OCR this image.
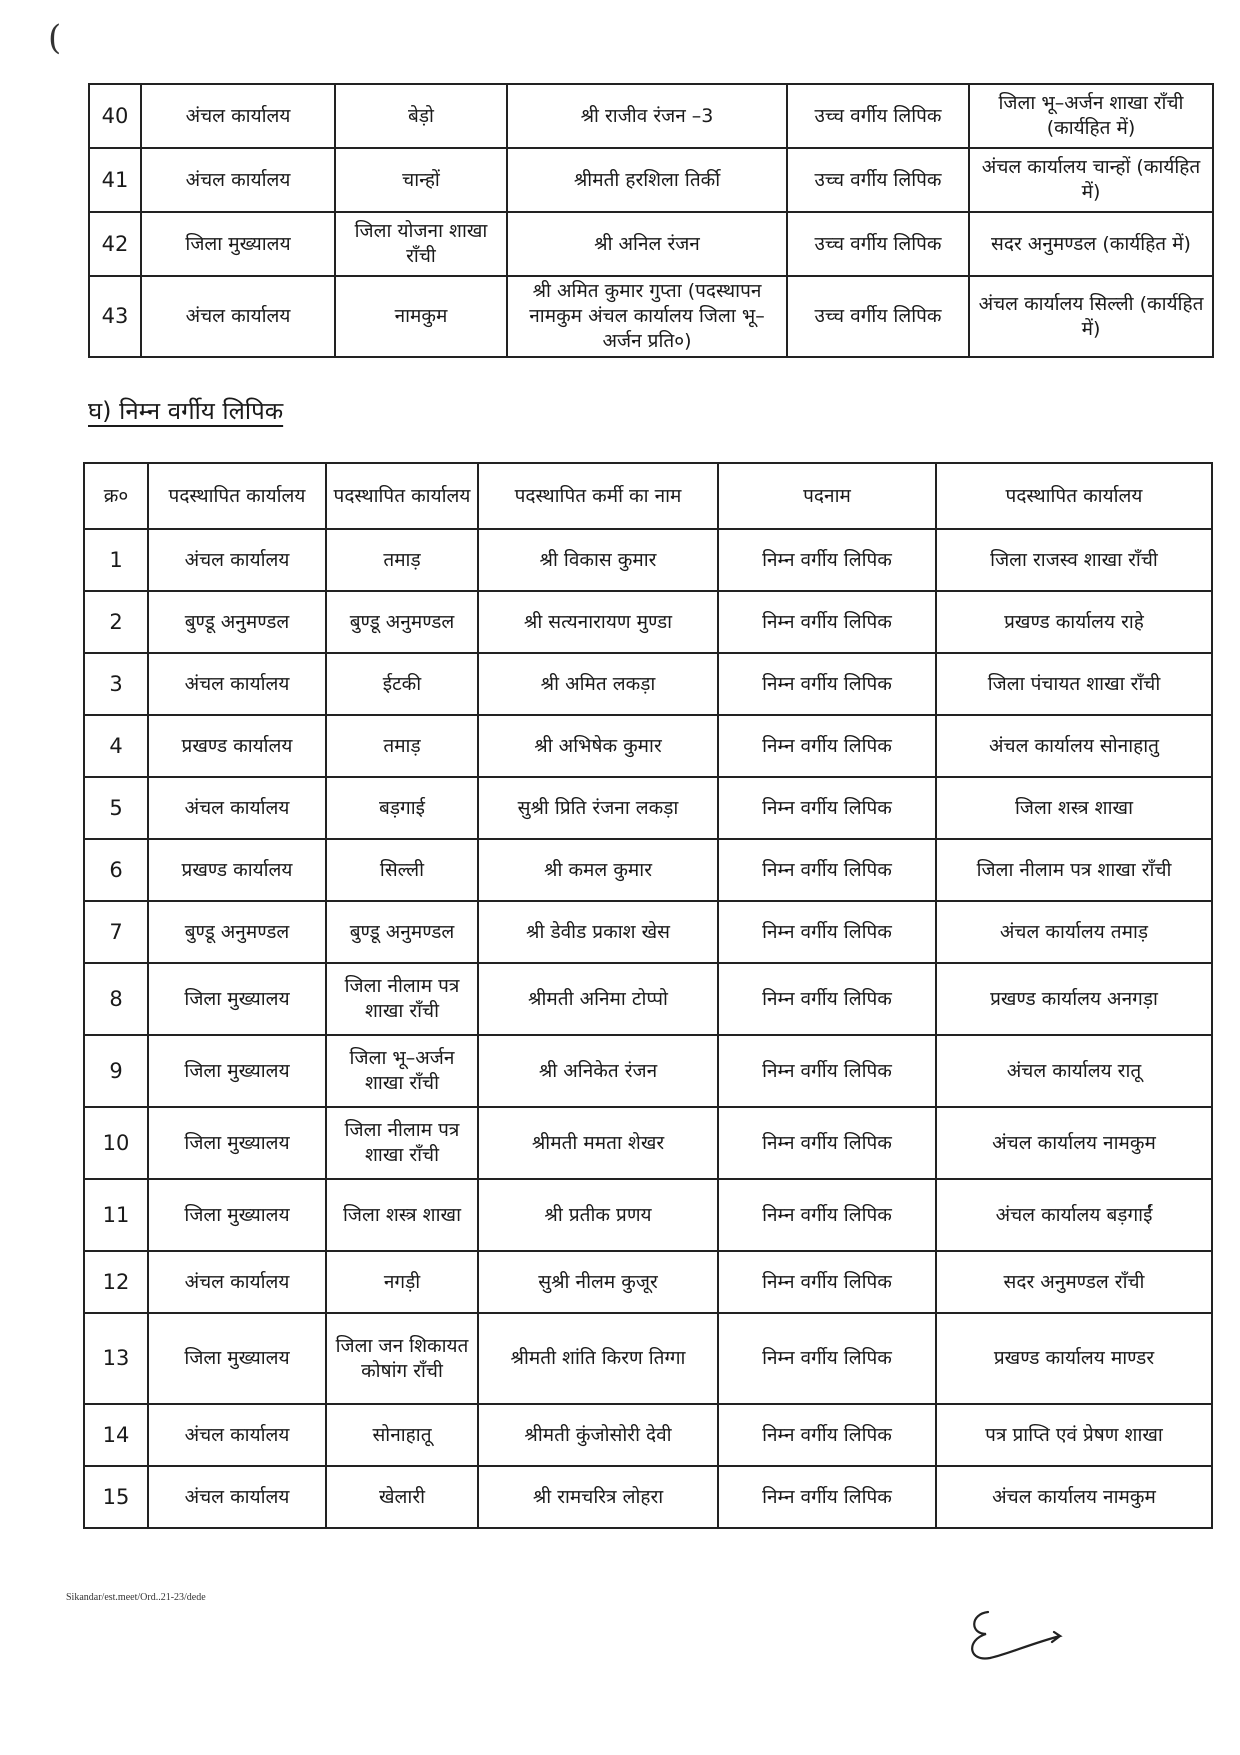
(
40	अंचल कार्यालय	बेड़ो	श्री राजीव रंजन –3	उच्च वर्गीय लिपिक	जिला भू–अर्जन शाखा राँची (कार्यहित में)
41	अंचल कार्यालय	चान्हों	श्रीमती हरशिला तिर्की	उच्च वर्गीय लिपिक	अंचल कार्यालय चान्हों (कार्यहित में)
42	जिला मुख्यालय	जिला योजना शाखा राँची	श्री अनिल रंजन	उच्च वर्गीय लिपिक	सदर अनुमण्डल (कार्यहित में)
43	अंचल कार्यालय	नामकुम	श्री अमित कुमार गुप्ता (पदस्थापन नामकुम अंचल कार्यालय जिला भू–अर्जन प्रति०)	उच्च वर्गीय लिपिक	अंचल कार्यालय सिल्ली (कार्यहित में)
घ) निम्न वर्गीय लिपिक
क्र०	पदस्थापित कार्यालय	पदस्थापित कार्यालय	पदस्थापित कर्मी का नाम	पदनाम	पदस्थापित कार्यालय
1	अंचल कार्यालय	तमाड़	श्री विकास कुमार	निम्न वर्गीय लिपिक	जिला राजस्व शाखा राँची
2	बुण्डू अनुमण्डल	बुण्डू अनुमण्डल	श्री सत्यनारायण मुण्डा	निम्न वर्गीय लिपिक	प्रखण्ड कार्यालय राहे
3	अंचल कार्यालय	ईटकी	श्री अमित लकड़ा	निम्न वर्गीय लिपिक	जिला पंचायत शाखा राँची
4	प्रखण्ड कार्यालय	तमाड़	श्री अभिषेक कुमार	निम्न वर्गीय लिपिक	अंचल कार्यालय सोनाहातु
5	अंचल कार्यालय	बड़गाई	सुश्री प्रिति रंजना लकड़ा	निम्न वर्गीय लिपिक	जिला शस्त्र शाखा
6	प्रखण्ड कार्यालय	सिल्ली	श्री कमल कुमार	निम्न वर्गीय लिपिक	जिला नीलाम पत्र शाखा राँची
7	बुण्डू अनुमण्डल	बुण्डू अनुमण्डल	श्री डेवीड प्रकाश खेस	निम्न वर्गीय लिपिक	अंचल कार्यालय तमाड़
8	जिला मुख्यालय	जिला नीलाम पत्र शाखा राँची	श्रीमती अनिमा टोप्पो	निम्न वर्गीय लिपिक	प्रखण्ड कार्यालय अनगड़ा
9	जिला मुख्यालय	जिला भू–अर्जन शाखा राँची	श्री अनिकेत रंजन	निम्न वर्गीय लिपिक	अंचल कार्यालय रातू
10	जिला मुख्यालय	जिला नीलाम पत्र शाखा राँची	श्रीमती ममता शेखर	निम्न वर्गीय लिपिक	अंचल कार्यालय नामकुम
11	जिला मुख्यालय	जिला शस्त्र शाखा	श्री प्रतीक प्रणय	निम्न वर्गीय लिपिक	अंचल कार्यालय बड़गाईं
12	अंचल कार्यालय	नगड़ी	सुश्री नीलम कुजूर	निम्न वर्गीय लिपिक	सदर अनुमण्डल राँची
13	जिला मुख्यालय	जिला जन शिकायत कोषांग राँची	श्रीमती शांति किरण तिग्गा	निम्न वर्गीय लिपिक	प्रखण्ड कार्यालय माण्डर
14	अंचल कार्यालय	सोनाहातू	श्रीमती कुंजोसोरी देवी	निम्न वर्गीय लिपिक	पत्र प्राप्ति एवं प्रेषण शाखा
15	अंचल कार्यालय	खेलारी	श्री रामचरित्र लोहरा	निम्न वर्गीय लिपिक	अंचल कार्यालय नामकुम
Sikandar/est.meet/Ord..21-23/dede
